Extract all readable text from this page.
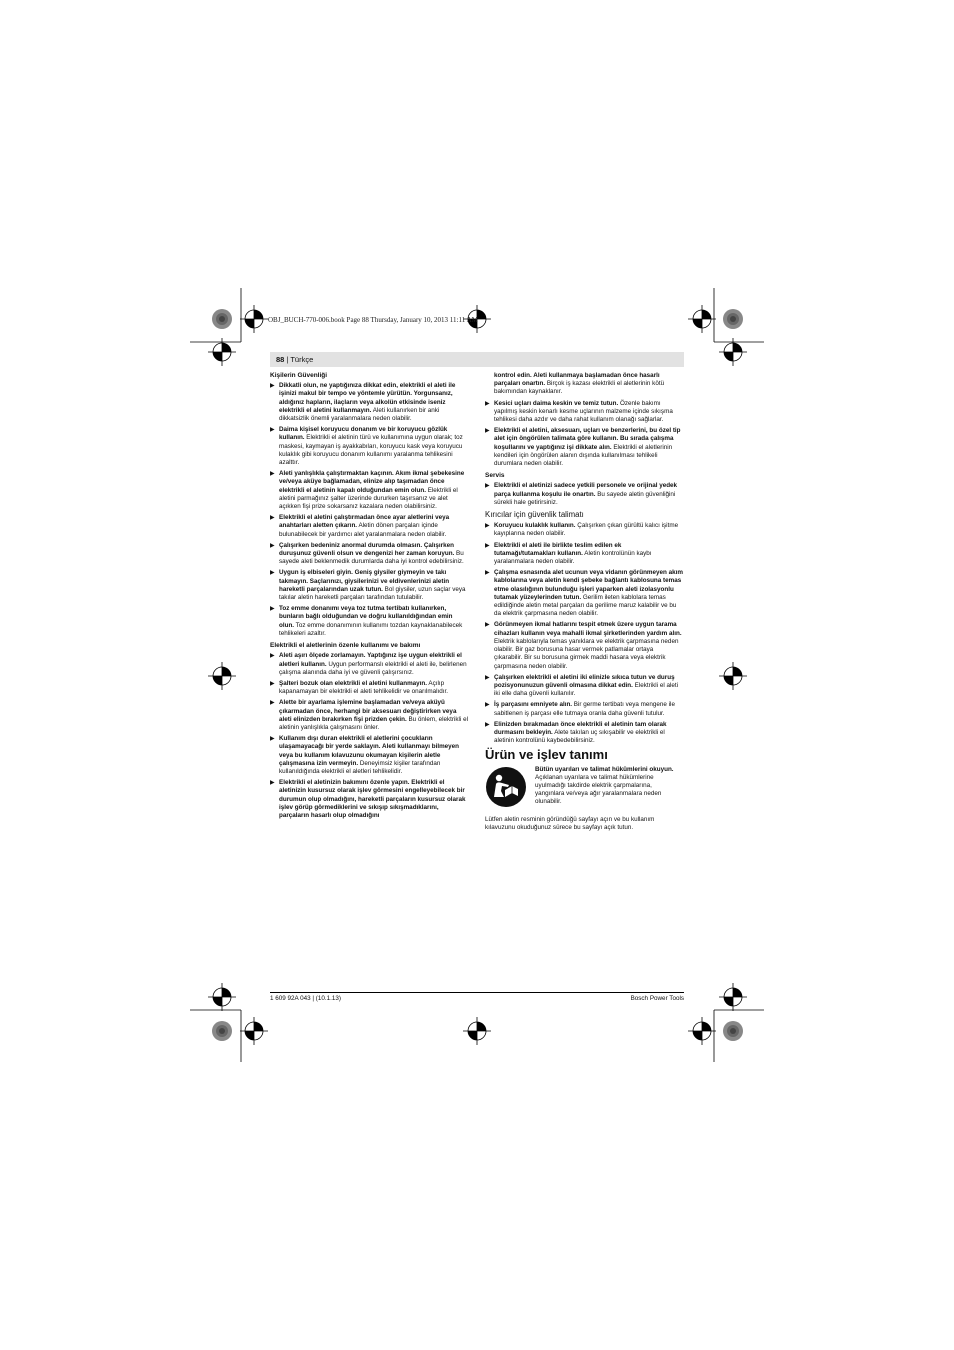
OBJ_BUCH-770-006.book Page 88 Thursday, January 10, 2013 11:11 AM
88 | Türkçe
Kişilerin Güvenliği
▶ Dikkatli olun, ne yaptığınıza dikkat edin, elektrikli el aleti ile işinizi makul bir tempo ve yöntemle yürütün. Yorgunsanız, aldığınız hapların, ilaçların veya alkolün etkisinde iseniz elektrikli el aletini kullanmayın. Aleti kullanırken bir anki dikkatsizlik önemli yaralanmalara neden olabilir.
▶ Daima kişisel koruyucu donanım ve bir koruyucu gözlük kullanın. Elektrikli el aletinin türü ve kullanımına uygun olarak; toz maskesi, kaymayan iş ayakkabıları, koruyucu kask veya koruyucu kulaklık gibi koruyucu donanım kullanımı yaralanma tehlikesini azalttır.
▶ Aleti yanlışlıkla çalıştırmaktan kaçının. Akım ikmal şebekesine ve/veya aküye bağlamadan, elinize alıp taşımadan önce elektrikli el aletinin kapalı olduğundan emin olun. Elektrikli el aletini parmağınız şalter üzerinde dururken taşırsanız ve alet açıkken fişi prize sokarsanız kazalara neden olabilirsiniz.
▶ Elektrikli el aletini çalıştırmadan önce ayar aletlerini veya anahtarları aletten çıkarın. Aletin dönen parçaları içinde bulunabilecek bir yardımcı alet yaralanmalara neden olabilir.
▶ Çalışırken bedeniniz anormal durumda olmasın. Çalışırken duruşunuz güvenli olsun ve dengenizi her zaman koruyun. Bu sayede aleti beklenmedik durumlarda daha iyi kontrol edebilirsiniz.
▶ Uygun iş elbiseleri giyin. Geniş giysiler giymeyin ve takı takmayın. Saçlarınızı, giysilerinizi ve eldivenlerinizi aletin hareketli parçalarından uzak tutun. Bol giysiler, uzun saçlar veya takılar aletin hareketli parçaları tarafından tutulabilir.
▶ Toz emme donanımı veya toz tutma tertibatı kullanırken, bunların bağlı olduğundan ve doğru kullanıldığından emin olun. Toz emme donanımının kullanımı tozdan kaynaklanabilecek tehlikeleri azaltır.
Elektrikli el aletlerinin özenle kullanımı ve bakımı
▶ Aleti aşırı ölçede zorlamayın. Yaptığınız işe uygun elektrikli el aletleri kullanın. Uygun performanslı elektrikli el aleti ile, belirlenen çalışma alanında daha iyi ve güvenli çalışırsınız.
▶ Şalteri bozuk olan elektrikli el aletini kullanmayın. Açılıp kapanamayan bir elektrikli el aleti tehlikelidir ve onarılmalıdır.
▶ Alette bir ayarlama işlemine başlamadan ve/veya aküyü çıkarmadan önce, herhangi bir aksesuarı değiştirirken veya aleti elinizden bırakırken fişi prizden çekin. Bu önlem, elektrikli el aletinin yanlışlıkla çalışmasını önler.
▶ Kullanım dışı duran elektrikli el aletlerini çocukların ulaşamayacağı bir yerde saklayın. Aleti kullanmayı bilmeyen veya bu kullanım kılavuzunu okumayan kişilerin aletle çalışmasına izin vermeyin. Deneyimsiz kişiler tarafından kullanıldığında elektrikli el aletleri tehlikelidir.
▶ Elektrikli el aletinizin bakımını özenle yapın. Elektrikli el aletinizin kusursuz olarak işlev görmesini engelleyebilecek bir durumun olup olmadığını, hareketli parçaların kusursuz olarak işlev görüp görmediklerini ve sıkışıp sıkışmadıklarını, parçaların hasarlı olup olmadığını
kontrol edin. Aleti kullanmaya başlamadan önce hasarlı parçaları onartın. Birçok iş kazası elektrikli el aletlerinin kötü bakımından kaynaklanır.
▶ Kesici uçları daima keskin ve temiz tutun. Özenle bakımı yapılmış keskin kenarlı kesme uçlarının malzeme içinde sıkışma tehlikesi daha azdır ve daha rahat kullanım olanağı sağlarlar.
▶ Elektrikli el aletini, aksesuarı, uçları ve benzerlerini, bu özel tip alet için öngörülen talimata göre kullanın. Bu sırada çalışma koşullarını ve yaptığınız işi dikkate alın. Elektrikli el aletlerinin kendileri için öngörülen alanın dışında kullanılması tehlikeli durumlara neden olabilir.
Servis
▶ Elektrikli el aletinizi sadece yetkili personele ve orijinal yedek parça kullanma koşulu ile onartın. Bu sayede aletin güvenliğini sürekli hale getirirsiniz.
Kırıcılar için güvenlik talimatı
▶ Koruyucu kulaklık kullanın. Çalışırken çıkan gürültü kalıcı işitme kayıplarına neden olabilir.
▶ Elektrikli el aleti ile birlikte teslim edilen ek tutamağı/tutamakları kullanın. Aletin kontrolünün kaybı yaralanmalara neden olabilir.
▶ Çalışma esnasında alet ucunun veya vidanın görünmeyen akım kablolarına veya aletin kendi şebeke bağlantı kablosuna temas etme olasılığının bulunduğu işleri yaparken aleti izolasyonlu tutamak yüzeylerinden tutun. Gerilim ileten kablolara temas edildiğinde aletin metal parçaları da gerilime maruz kalabilir ve bu da elektrik çarpmasına neden olabilir.
▶ Görünmeyen ikmal hatlarını tespit etmek üzere uygun tarama cihazları kullanın veya mahalli ikmal şirketlerinden yardım alın. Elektrik kablolarıyla temas yanıklara ve elektrik çarpmasına neden olabilir. Bir gaz borusuna hasar vermek patlamalar ortaya çıkarabilir. Bir su borusuna girmek maddi hasara veya elektrik çarpmasına neden olabilir.
▶ Çalışırken elektrikli el aletini iki elinizle sıkıca tutun ve duruş pozisyonunuzun güvenli olmasına dikkat edin. Elektrikli el aleti iki elle daha güvenli kullanılır.
▶ İş parçasını emniyete alın. Bir germe tertibatı veya mengene ile sabitlenen iş parçası elle tutmaya oranla daha güvenli tutulur.
▶ Elinizden bırakmadan önce elektrikli el aletinin tam olarak durmasını bekleyin. Alete takılan uç sıkışabilir ve elektrikli el aletinin kontrolünü kaybedebilirsiniz.
Ürün ve işlev tanımı
Bütün uyarıları ve talimat hükümlerini okuyun. Açıklanan uyarılara ve talimat hükümlerine uyulmadığı takdirde elektrik çarpmalarına, yangınlara ve/veya ağır yaralanmalara neden olunabilir.
Lütfen aletin resminin göründüğü sayfayı açın ve bu kullanım kılavuzunu okuduğunuz sürece bu sayfayı açık tutun.
1 609 92A 043 | (10.1.13)	Bosch Power Tools
